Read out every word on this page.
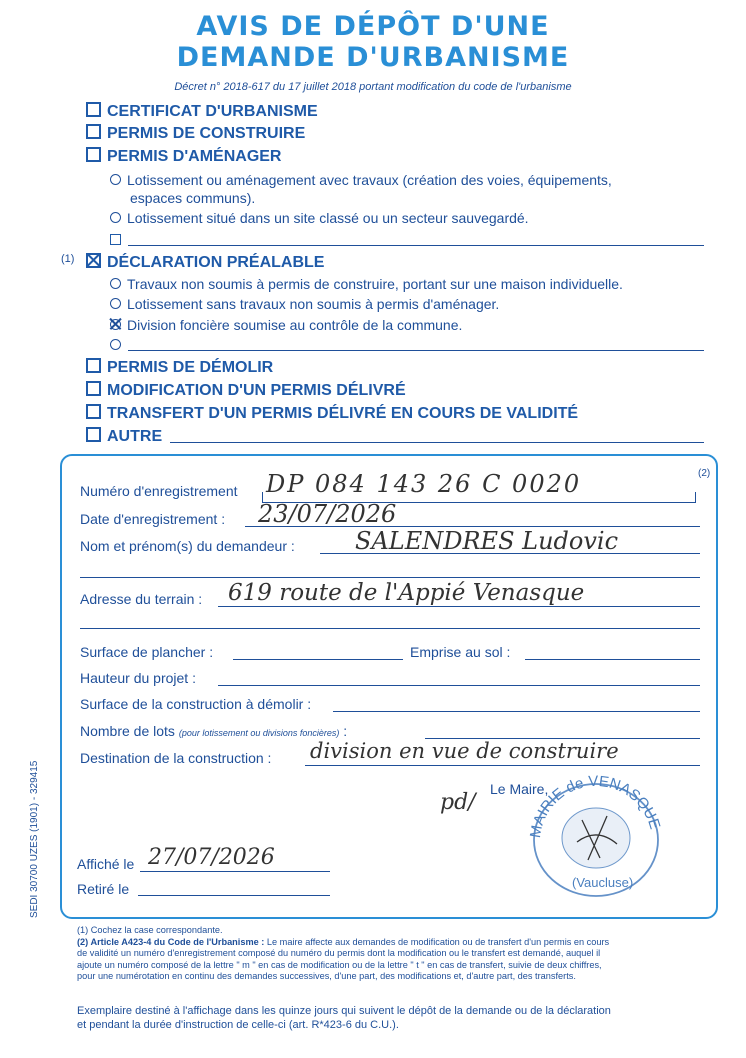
AVIS DE DÉPÔT D'UNE
DEMANDE D'URBANISME
Décret n° 2018-617 du 17 juillet 2018 portant modification du code de l'urbanisme
CERTIFICAT D'URBANISME
PERMIS DE CONSTRUIRE
PERMIS D'AMÉNAGER
Lotissement ou aménagement avec travaux (création des voies, équipements,
espaces communs).
Lotissement situé dans un site classé ou un secteur sauvegardé.
(1)	DÉCLARATION PRÉALABLE
Travaux non soumis à permis de construire, portant sur une maison individuelle.
Lotissement sans travaux non soumis à permis d'aménager.
Division foncière soumise au contrôle de la commune.
PERMIS DE DÉMOLIR
MODIFICATION D'UN PERMIS DÉLIVRÉ
TRANSFERT D'UN PERMIS DÉLIVRÉ EN COURS DE VALIDITÉ
AUTRE
Numéro d'enregistrement DP 084 143 26 C 0020	(2)
Date d'enregistrement : 23/07/2026
Nom et prénom(s) du demandeur :	SALENDRES Ludovic
Adresse du terrain : 619 route de l'Appié Venasque
Surface de plancher :	Emprise au sol :
Hauteur du projet :
Surface de la construction à démolir :
Nombre de lots (pour lotissement ou divisions foncières) :
Destination de la construction : division en vue de construire
pd/
Le Maire,
MAIRIE de VENASQUE
(Vaucluse)
Affiché le 27/07/2026
Retiré le
SEDI 30700 UZES (1901) - 329415
(1) Cochez la case correspondante.
(2) Article A423-4 du Code de l'Urbanisme : Le maire affecte aux demandes de modification ou de transfert d'un permis en cours
de validité un numéro d'enregistrement composé du numéro du permis dont la modification ou le transfert est demandé, auquel il
ajoute un numéro composé de la lettre " m " en cas de modification ou de la lettre " t " en cas de transfert, suivie de deux chiffres,
pour une numérotation en continu des demandes successives, d'une part, des modifications et, d'autre part, des transferts.
Exemplaire destiné à l'affichage dans les quinze jours qui suivent le dépôt de la demande ou de la déclaration
et pendant la durée d'instruction de celle-ci (art. R*423-6 du C.U.).
